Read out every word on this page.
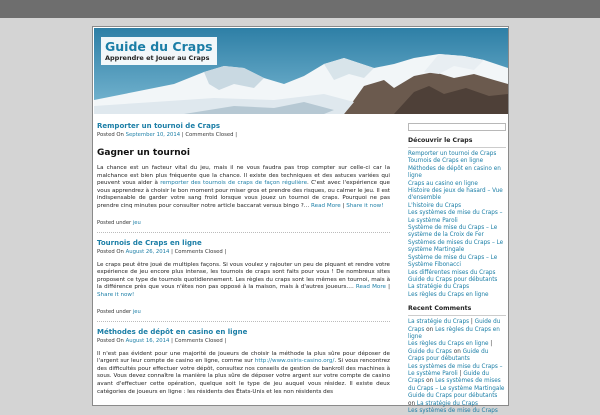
Guide du Craps
Apprendre et Jouer au Craps
Remporter un tournoi de Craps
Posted On September 10, 2014 | Comments Closed |
Gagner un tournoi
La chance est un facteur vital du jeu, mais il ne vous faudra pas trop compter sur celle-ci car la malchance est bien plus fréquente que la chance. Il existe des techniques et des astuces variées qui peuvent vous aider à remporter des tournois de craps de façon régulière. C'est avec l'expérience que vous apprendrez à choisir le bon moment pour miser gros et prendre des risques, ou calmer le jeu. Il est indispensable de garder votre sang froid lorsque vous jouez un tournoi de craps. Pourquoi ne pas prendre cinq minutes pour consulter notre article baccarat versus bingo ?… Read More | Share it now!
Posted under jeu
Tournois de Craps en ligne
Posted On August 26, 2014 | Comments Closed |
Le craps peut être joué de multiples façons. Si vous voulez y rajouter un peu de piquant et rendre votre expérience de jeu encore plus intense, les tournois de craps sont faits pour vous ! De nombreux sites proposent ce type de tournois quotidiennement. Les règles du craps sont les mêmes en tournoi, mais à la différence près que vous n'êtes non pas opposé à la maison, mais à d'autres joueurs.… Read More | Share it now!
Posted under jeu
Méthodes de dépôt en casino en ligne
Posted On August 16, 2014 | Comments Closed |
Il n'est pas évident pour une majorité de joueurs de choisir la méthode la plus sûre pour déposer de l'argent sur leur compte de casino en ligne, comme sur http://www.osiris-casino.org/. Si vous rencontrez des difficultés pour effectuer votre dépôt, consultez nos conseils de gestion de bankroll des machines à sous. Vous devez connaître la manière la plus sûre de déposer votre argent sur votre compte de casino avant d'effectuer cette opération, quelque soit le type de jeu auquel vous résidez. Il existe deux catégories de joueurs en ligne : les résidents des États-Unis et les non résidents des
Découvrir le Craps
Remporter un tournoi de Craps
Tournois de Craps en ligne
Méthodes de dépôt en casino en ligne
Craps au casino en ligne
Histoire des jeux de hasard – Vue d'ensemble
L'histoire du Craps
Les systèmes de mise du Craps – Le système Paroli
Système de mise du Craps – Le système de la Croix de Fer
Systèmes de mises du Craps – Le système Martingale
Système de mise du Craps – Le Système Fibonacci
Les différentes mises du Craps
Guide du Craps pour débutants
La stratégie du Craps
Les règles du Craps en ligne
Recent Comments
La stratégie du Craps | Guide du Craps on Les règles du Craps en ligne
Les règles du Craps en ligne | Guide du Craps on Guide du Craps pour débutants
Les systèmes de mise du Craps – Le système Paroli | Guide du Craps on Les systèmes de mises du Craps – Le système Martingale
Guide du Craps pour débutants on La stratégie du Craps
Les systèmes de mise du Craps
